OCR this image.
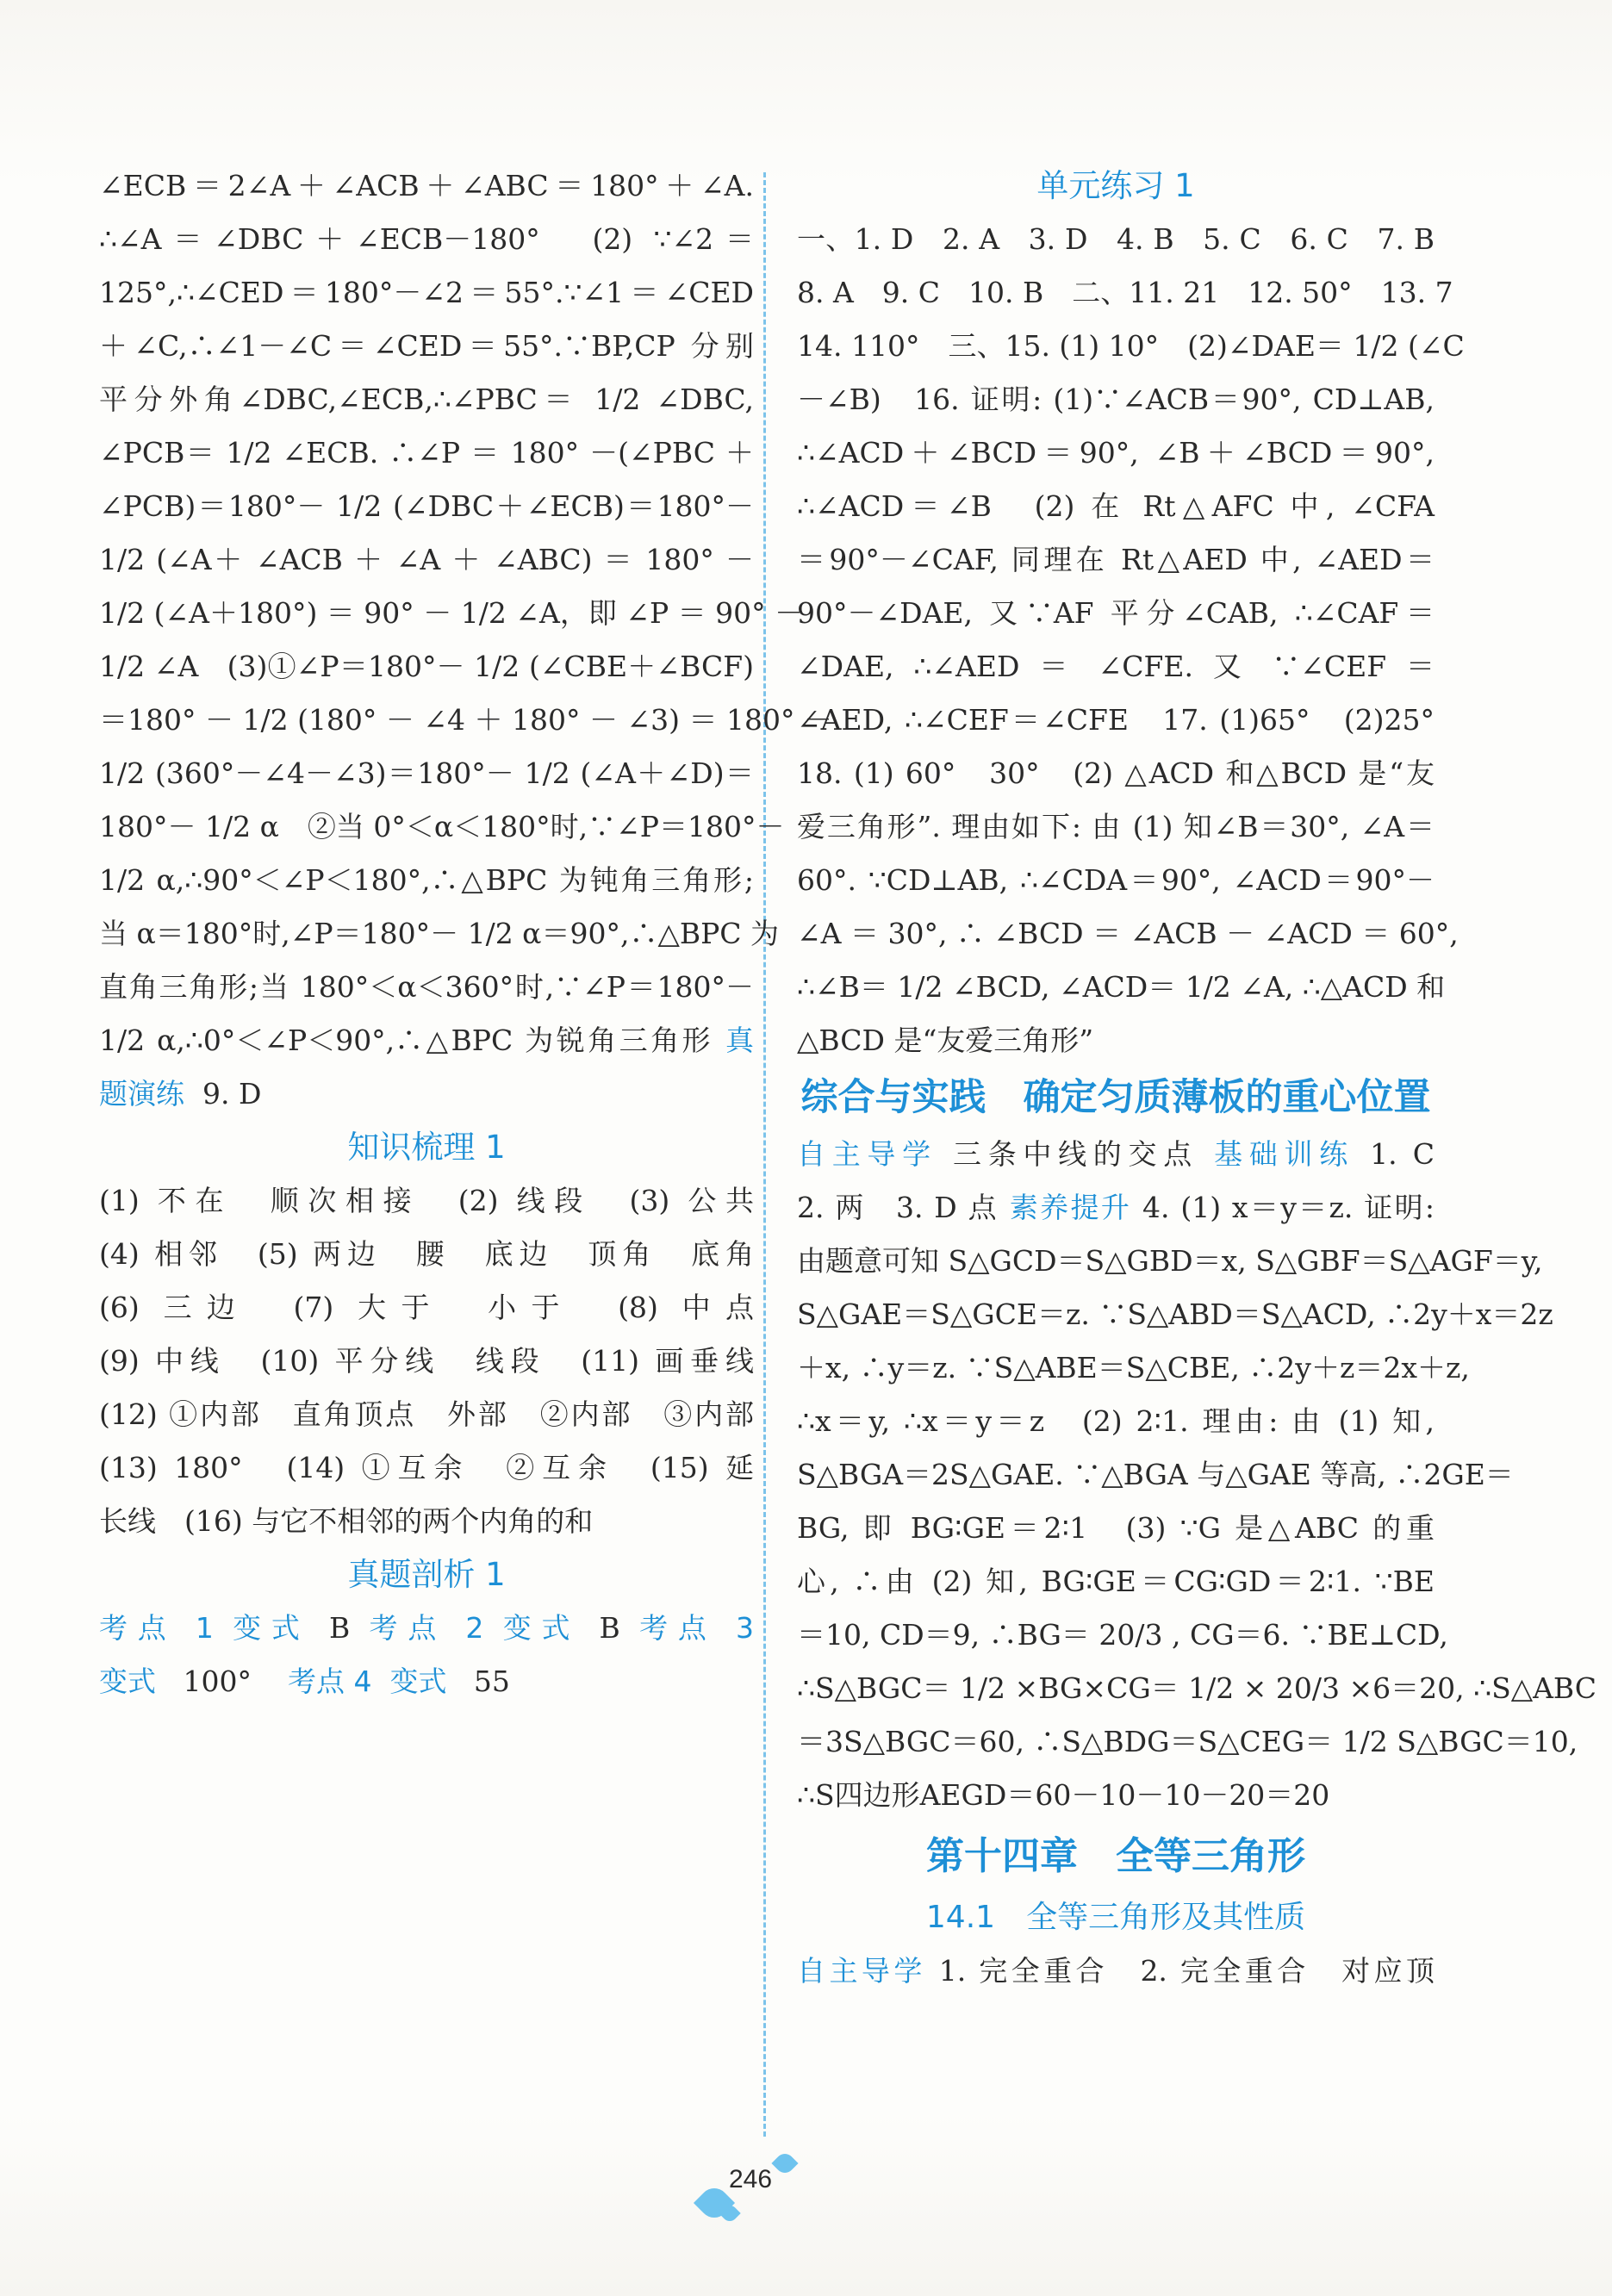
∠ECB＝2∠A＋∠ACB＋∠ABC＝180°＋∠A.
∴∠A＝∠DBC＋∠ECB－180°　(2) ∵∠2＝
125°,∴∠CED＝180°－∠2＝55°.∵∠1＝∠CED
＋∠C,∴∠1－∠C＝∠CED＝55°.∵BP,CP 分别
平分外角∠DBC,∠ECB,∴∠PBC＝ 1/2 ∠DBC,
∠PCB＝ 1/2 ∠ECB. ∴∠P ＝ 180° －(∠PBC ＋
∠PCB)＝180°－ 1/2 (∠DBC＋∠ECB)＝180°－
1/2 (∠A＋ ∠ACB ＋ ∠A ＋ ∠ABC) ＝ 180° －
1/2 (∠A＋180°) ＝ 90° － 1/2 ∠A，即 ∠P ＝ 90° －
1/2 ∠A　(3)①∠P＝180°－ 1/2 (∠CBE＋∠BCF)
＝180° － 1/2 (180° － ∠4 ＋ 180° － ∠3) ＝ 180° －
1/2 (360°－∠4－∠3)＝180°－ 1/2 (∠A＋∠D)＝
180°－ 1/2 α　②当 0°＜α＜180°时,∵∠P＝180°－
1/2 α,∴90°＜∠P＜180°,∴△BPC 为钝角三角形;
当 α＝180°时,∠P＝180°－ 1/2 α＝90°,∴△BPC 为
直角三角形;当 180°＜α＜360°时,∵∠P＝180°－
1/2 α,∴0°＜∠P＜90°,∴△BPC 为锐角三角形 真
题演练 9. D
知识梳理 1
(1) 不在　顺次相接　(2) 线段　(3) 公共
(4) 相邻　(5) 两边　腰　底边　顶角　底角
(6) 三边　(7) 大于　小于　(8) 中点
(9) 中线　(10) 平分线　线段　(11) 画垂线
(12) ①内部　直角顶点　外部　②内部　③内部
(13) 180°　(14) ①互余　②互余　(15) 延
长线　(16) 与它不相邻的两个内角的和
真题剖析 1
考点 1 变式 B 考点 2 变式 B 考点 3
变式 100° 考点 4 变式 55
单元练习 1
一、1. D　2. A　3. D　4. B　5. C　6. C　7. B
8. A　9. C　10. B　二、11. 21　12. 50°　13. 7
14. 110°　三、15. (1) 10°　(2)∠DAE＝ 1/2 (∠C
－∠B)　16. 证明: (1)∵∠ACB＝90°, CD⊥AB,
∴∠ACD＋∠BCD＝90°, ∠B＋∠BCD＝90°,
∴∠ACD＝∠B　(2) 在 Rt△AFC 中, ∠CFA
＝90°－∠CAF, 同理在 Rt△AED 中, ∠AED＝
90°－∠DAE, 又∵AF 平分∠CAB, ∴∠CAF＝
∠DAE, ∴∠AED ＝ ∠CFE. 又 ∵∠CEF ＝
∠AED, ∴∠CEF＝∠CFE　17. (1)65°　(2)25°
18. (1) 60°　30°　(2) △ACD 和△BCD 是“友
爱三角形”. 理由如下: 由 (1) 知∠B＝30°, ∠A＝
60°. ∵CD⊥AB, ∴∠CDA＝90°, ∠ACD＝90°－
∠A ＝ 30°, ∴ ∠BCD ＝ ∠ACB － ∠ACD ＝ 60°,
∴∠B＝ 1/2 ∠BCD, ∠ACD＝ 1/2 ∠A, ∴△ACD 和
△BCD 是“友爱三角形”
综合与实践　确定匀质薄板的重心位置
自主导学 三条中线的交点 基础训练 1. C
2. 两　3. D 点 素养提升 4. (1) x＝y＝z. 证明:
由题意可知 S△GCD＝S△GBD＝x, S△GBF＝S△AGF＝y,
S△GAE＝S△GCE＝z. ∵S△ABD＝S△ACD, ∴2y＋x＝2z
＋x, ∴y＝z. ∵S△ABE＝S△CBE, ∴2y＋z＝2x＋z,
∴x＝y, ∴x＝y＝z　(2) 2∶1. 理由: 由 (1) 知,
S△BGA＝2S△GAE. ∵△BGA 与△GAE 等高, ∴2GE＝
BG, 即 BG∶GE＝2∶1　(3) ∵G 是△ABC 的重
心, ∴由 (2) 知, BG∶GE＝CG∶GD＝2∶1. ∵BE
＝10, CD＝9, ∴BG＝ 20/3 , CG＝6. ∵BE⊥CD,
∴S△BGC＝ 1/2 ×BG×CG＝ 1/2 × 20/3 ×6＝20, ∴S△ABC
＝3S△BGC＝60, ∴S△BDG＝S△CEG＝ 1/2 S△BGC＝10,
∴S四边形AEGD＝60－10－10－20＝20
第十四章　全等三角形
14.1　全等三角形及其性质
自主导学 1. 完全重合　2. 完全重合　对应顶
246
